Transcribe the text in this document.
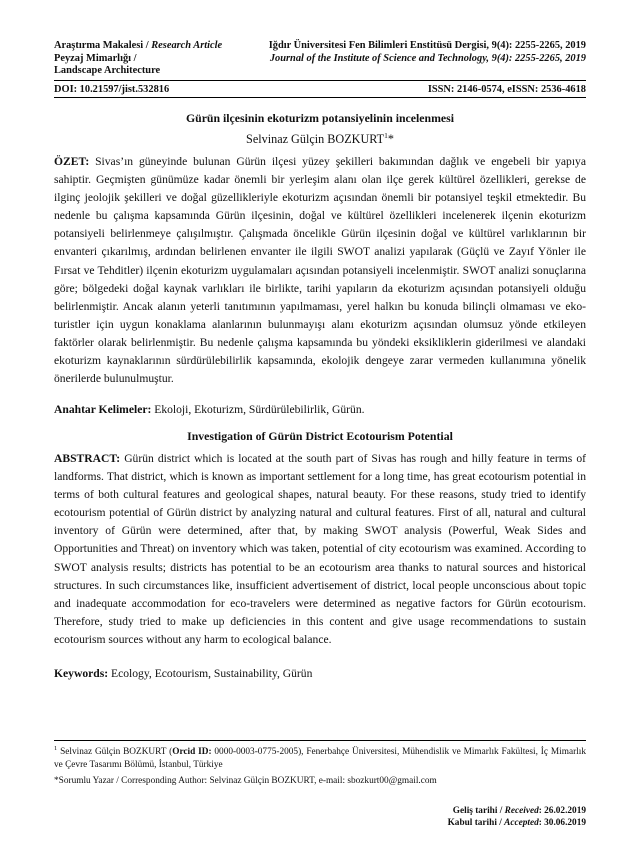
Araştırma Makalesi / Research Article
Peyzaj Mimarlığı /
Landscape Architecture
Iğdır Üniversitesi Fen Bilimleri Enstitüsü Dergisi, 9(4): 2255-2265, 2019
Journal of the Institute of Science and Technology, 9(4): 2255-2265, 2019
DOI: 10.21597/jist.532816	ISSN: 2146-0574, eISSN: 2536-4618
Gürün ilçesinin ekoturizm potansiyelinin incelenmesi
Selvinaz Gülçin BOZKURT$^1$*
ÖZET: Sivas’ın güneyinde bulunan Gürün ilçesi yüzey şekilleri bakımından dağlık ve engebeli bir yapıya sahiptir. Geçmişten günümüze kadar önemli bir yerleşim alanı olan ilçe gerek kültürel özellikleri, gerekse de ilginç jeolojik şekilleri ve doğal güzellikleriyle ekoturizm açısından önemli bir potansiyel teşkil etmektedir. Bu nedenle bu çalışma kapsamında Gürün ilçesinin, doğal ve kültürel özellikleri incelenerek ilçenin ekoturizm potansiyeli belirlenmeye çalışılmıştır. Çalışmada öncelikle Gürün ilçesinin doğal ve kültürel varlıklarının bir envanteri çıkarılmış, ardından belirlenen envanter ile ilgili SWOT analizi yapılarak (Güçlü ve Zayıf Yönler ile Fırsat ve Tehditler) ilçenin ekoturizm uygulamaları açısından potansiyeli incelenmiştir. SWOT analizi sonuçlarına göre; bölgedeki doğal kaynak varlıkları ile birlikte, tarihi yapıların da ekoturizm açısından potansiyeli olduğu belirlenmiştir. Ancak alanın yeterli tanıtımının yapılmaması, yerel halkın bu konuda bilinçli olmaması ve eko-turistler için uygun konaklama alanlarının bulunmayışı alanı ekoturizm açısından olumsuz yönde etkileyen faktörler olarak belirlenmiştir. Bu nedenle çalışma kapsamında bu yöndeki eksikliklerin giderilmesi ve alandaki ekoturizm kaynaklarının sürdürülebilirlik kapsamında, ekolojik dengeye zarar vermeden kullanımına yönelik önerilerde bulunulmuştur.
Anahtar Kelimeler: Ekoloji, Ekoturizm, Sürdürülebilirlik, Gürün.
Investigation of Gürün District Ecotourism Potential
ABSTRACT: Gürün district which is located at the south part of Sivas has rough and hilly feature in terms of landforms. That district, which is known as important settlement for a long time, has great ecotourism potential in terms of both cultural features and geological shapes, natural beauty. For these reasons, study tried to identify ecotourism potential of Gürün district by analyzing natural and cultural features. First of all, natural and cultural inventory of Gürün were determined, after that, by making SWOT analysis (Powerful, Weak Sides and Opportunities and Threat) on inventory which was taken, potential of city ecotourism was examined. According to SWOT analysis results; districts has potential to be an ecotourism area thanks to natural sources and historical structures. In such circumstances like, insufficient advertisement of district, local people unconscious about topic and inadequate accommodation for eco-travelers were determined as negative factors for Gürün ecotourism. Therefore, study tried to make up deficiencies in this content and give usage recommendations to sustain ecotourism sources without any harm to ecological balance.
Keywords: Ecology, Ecotourism, Sustainability, Gürün
$^1$ Selvinaz Gülçin BOZKURT (Orcid ID: 0000-0003-0775-2005), Fenerbahçe Üniversitesi, Mühendislik ve Mimarlık Fakültesi, İç Mimarlık ve Çevre Tasarımı Bölümü, İstanbul, Türkiye
*Sorumlu Yazar / Corresponding Author: Selvinaz Gülçin BOZKURT, e-mail: sbozkurt00@gmail.com
Geliş tarihi / Received: 26.02.2019
Kabul tarihi / Accepted: 30.06.2019
